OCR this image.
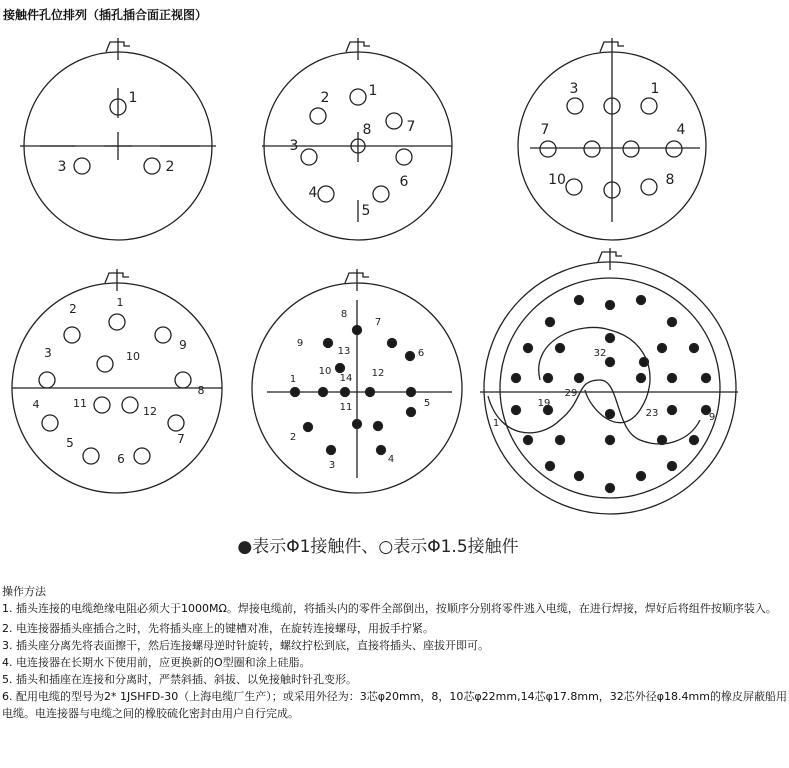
接触件孔位排列（插孔插合面正视图）
1
3	2
1
2
3
4
5
6
7
8
3	1
7	4
10	8
1
2
3
4
5
6
7
8
9
10
11
12
1
2
3
4
5
6
7
8
9
10
11
12
13
14
1
9
19
23
29
32
●表示Φ1接触件、○表示Φ1.5接触件
操作方法

1. 插头连接的电缆绝缘电阻必须大于1000MΩ。焊接电缆前，将插头内的零件全部倒出，按顺序分别将零件逃入电缆，在进行焊接，焊好后将组件按顺序装入。

2. 电连接器插头座插合之时，先将插头座上的键槽对准，在旋转连接螺母，用扳手拧紧。

3. 插头座分离先将表面擦干，然后连接螺母逆时针旋转，螺纹拧松到底，直接将插头、座拔开即可。

4. 电连接器在长期水下使用前，应更换新的O型圈和涂上硅脂。

5. 插头和插座在连接和分离时，严禁斜插、斜拔、以免接触时针孔变形。

6. 配用电缆的型号为2* 1JSHFD-30（上海电缆厂生产）；或采用外径为：3芯φ20mm，8，10芯φ22mm,14芯φ17.8mm，32芯外径φ18.4mm的橡皮屏蔽船用电缆。电连接器与电缆之间的橡胶硫化密封由用户自行完成。
